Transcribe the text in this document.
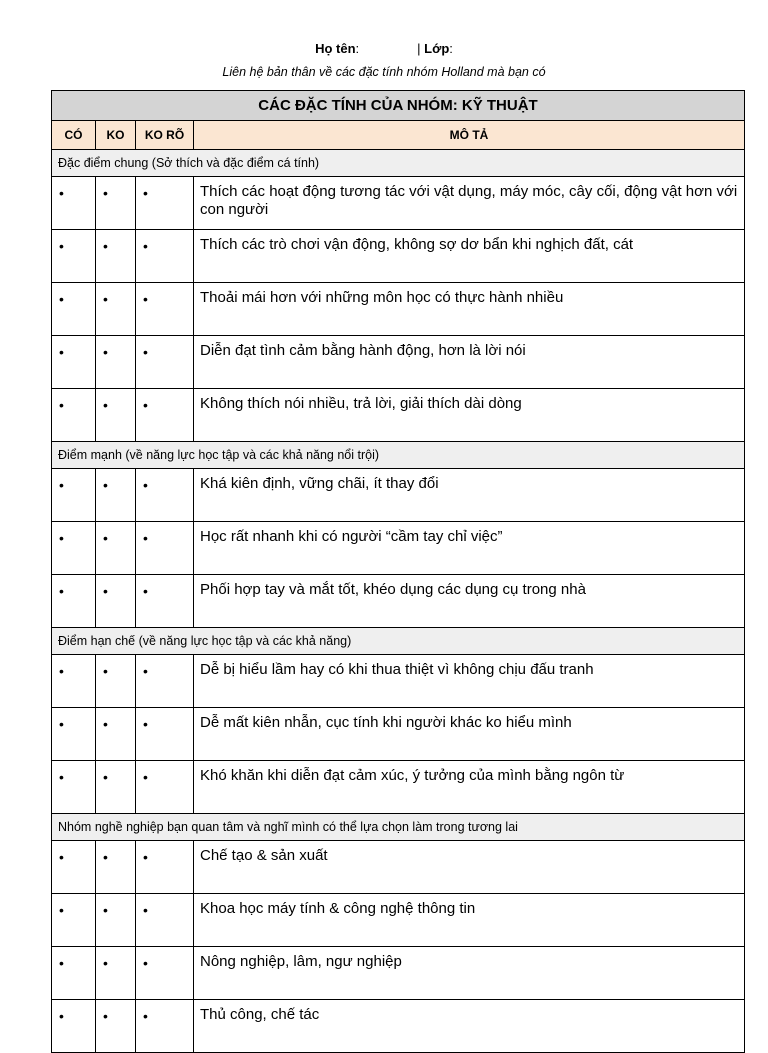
Họ tên:	| Lớp:
Liên hệ bản thân về các đặc tính nhóm Holland mà bạn có
CÁC ĐẶC TÍNH CỦA NHÓM: KỸ THUẬT			
CÓ	KO	KO RÕ	MÔ TẢ
Đặc điểm chung (Sở thích và đặc điểm cá tính)			
•	•	•	Thích các hoạt động tương tác với vật dụng, máy móc, cây cối, động vật hơn với con người
•	•	•	Thích các trò chơi vận động, không sợ dơ bẩn khi nghịch đất, cát
•	•	•	Thoải mái hơn với những môn học có thực hành nhiều
•	•	•	Diễn đạt tình cảm bằng hành động, hơn là lời nói
•	•	•	Không thích nói nhiều, trả lời, giải thích dài dòng
Điểm mạnh (về năng lực học tập và các khả năng nổi trội)			
•	•	•	Khá kiên định, vững chãi, ít thay đổi
•	•	•	Học rất nhanh khi có người “cầm tay chỉ việc”
•	•	•	Phối hợp tay và mắt tốt, khéo dụng các dụng cụ trong nhà
Điểm hạn chế (về năng lực học tập và các khả năng)			
•	•	•	Dễ bị hiểu lầm hay có khi thua thiệt vì không chịu đấu tranh
•	•	•	Dễ mất kiên nhẫn, cục tính khi người khác ko hiểu mình
•	•	•	Khó khăn khi diễn đạt cảm xúc, ý tưởng của mình bằng ngôn từ
Nhóm nghề nghiệp bạn quan tâm và nghĩ mình có thể lựa chọn làm trong tương lai			
•	•	•	Chế tạo & sản xuất
•	•	•	Khoa học máy tính & công nghệ thông tin
•	•	•	Nông nghiệp, lâm, ngư nghiệp
•	•	•	Thủ công, chế tác
